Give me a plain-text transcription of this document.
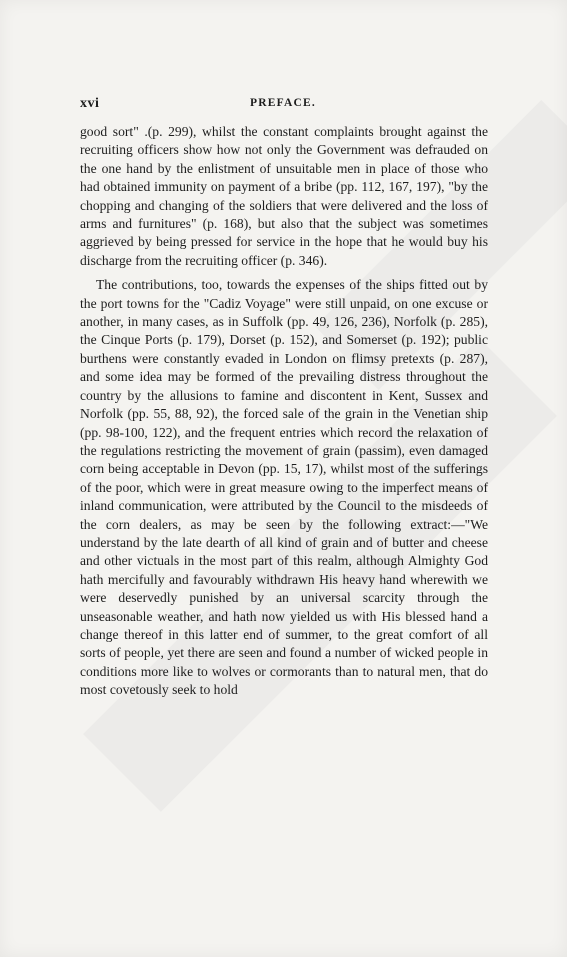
xvi	PREFACE.

good sort" .(p. 299), whilst the constant complaints brought against the recruiting officers show how not only the Government was defrauded on the one hand by the enlistment of unsuitable men in place of those who had obtained immunity on payment of a bribe (pp. 112, 167, 197), "by the chopping and changing of the soldiers that were delivered and the loss of arms and furnitures" (p. 168), but also that the subject was sometimes aggrieved by being pressed for service in the hope that he would buy his discharge from the recruiting officer (p. 346).

The contributions, too, towards the expenses of the ships fitted out by the port towns for the "Cadiz Voyage" were still unpaid, on one excuse or another, in many cases, as in Suffolk (pp. 49, 126, 236), Norfolk (p. 285), the Cinque Ports (p. 179), Dorset (p. 152), and Somerset (p. 192); public burthens were constantly evaded in London on flimsy pretexts (p. 287), and some idea may be formed of the prevailing distress throughout the country by the allusions to famine and discontent in Kent, Sussex and Norfolk (pp. 55, 88, 92), the forced sale of the grain in the Venetian ship (pp. 98-100, 122), and the frequent entries which record the relaxation of the regulations restricting the movement of grain (passim), even damaged corn being acceptable in Devon (pp. 15, 17), whilst most of the sufferings of the poor, which were in great measure owing to the imperfect means of inland communication, were attributed by the Council to the misdeeds of the corn dealers, as may be seen by the following extract:—"We understand by the late dearth of all kind of grain and of butter and cheese and other victuals in the most part of this realm, although Almighty God hath mercifully and favourably withdrawn His heavy hand wherewith we were deservedly punished by an universal scarcity through the unseasonable weather, and hath now yielded us with His blessed hand a change thereof in this latter end of summer, to the great comfort of all sorts of people, yet there are seen and found a number of wicked people in conditions more like to wolves or cormorants than to natural men, that do most covetously seek to hold
